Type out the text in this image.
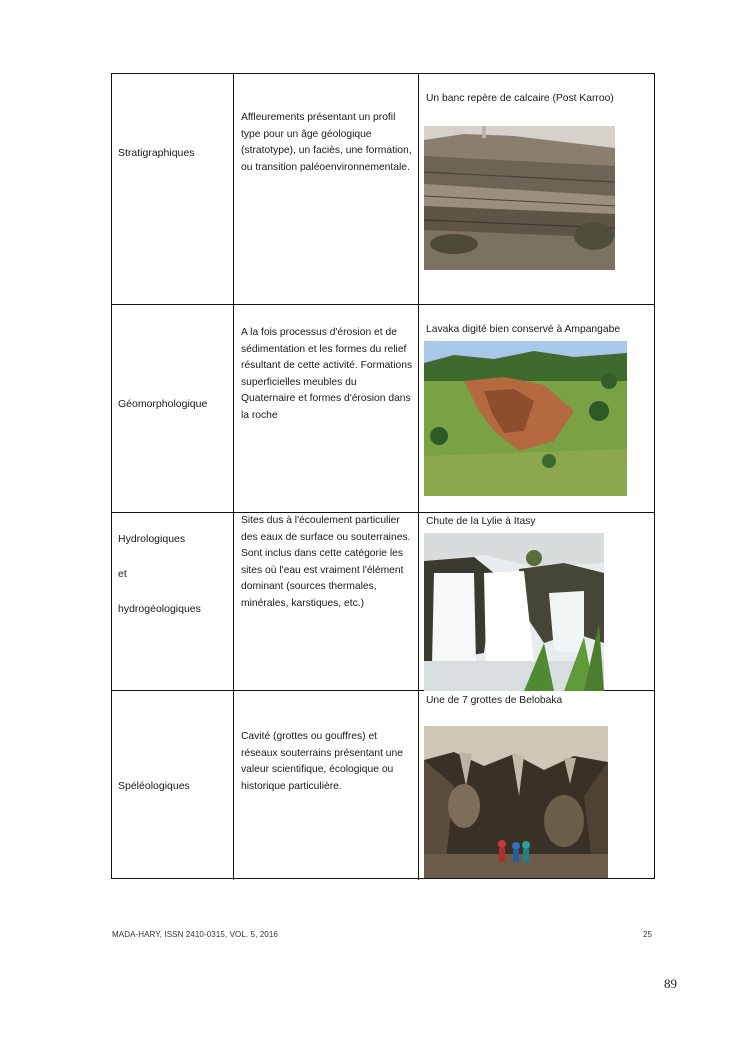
Stratigraphiques
Affleurements présentant un profil type pour un âge géologique (stratotype), un faciès, une formation, ou transition paléoenvironnementale.
Un banc repère de calcaire (Post Karroo)
Géomorphologique
A la fois processus d'érosion et de sédimentation et les formes du relief résultant de cette activité. Formations superficielles meubles du Quaternaire et formes d'érosion dans la roche
Lavaka digité bien conservé à Ampangabe
Hydrologiques
et
hydrogéologiques
Sites dus à l'écoulement particulier des eaux de surface ou souterraines. Sont inclus dans cette catégorie les sites où l'eau est vraiment l'élément dominant (sources thermales, minérales, karstiques, etc.)
Chute de la Lylie à Itasy
Spéléologiques
Cavité (grottes ou gouffres) et réseaux souterrains présentant une valeur scientifique, écologique ou historique particulière.
Une de 7 grottes de Belobaka
MADA-HARY, ISSN 2410-0315, VOL. 5, 2016	25
89
